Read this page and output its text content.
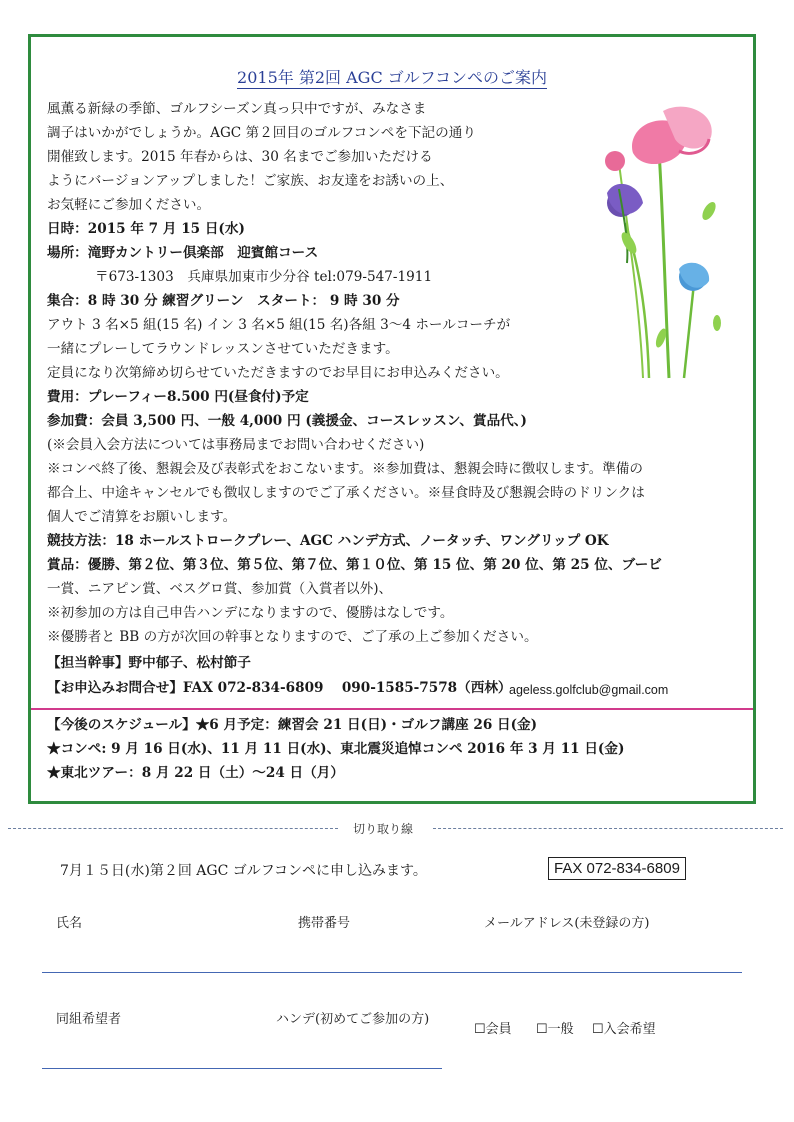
2015年 第2回 AGC ゴルフコンペのご案内
風薫る新緑の季節、ゴルフシーズン真っ只中ですが、みなさま
調子はいかがでしょうか。AGC 第２回目のゴルフコンペを下記の通り
開催致します。2015 年春からは、30 名までご参加いただける
ようにバージョンアップしました！ご家族、お友達をお誘いの上、
お気軽にご参加ください。
日時：2015 年 7 月 15 日(水)
場所：滝野カントリー倶楽部　迎賓館コース
〒673-1303　兵庫県加東市少分谷 tel:079-547-1911
集合：8 時 30 分 練習グリーン　スタート： 9 時 30 分
アウト 3 名×5 組(15 名) イン 3 名×5 組(15 名)各組 3～4 ホールコーチが
一緒にプレーしてラウンドレッスンさせていただきます。
定員になり次第締め切らせていただきますのでお早目にお申込みください。
費用：プレーフィー8.500 円(昼食付)予定
参加費：会員 3,500 円、一般 4,000 円 (義援金、コースレッスン、賞品代、)
(※会員入会方法については事務局までお問い合わせください)
※コンペ終了後、懇親会及び表彰式をおこないます。※参加費は、懇親会時に徴収します。準備の
都合上、中途キャンセルでも徴収しますのでご了承ください。※昼食時及び懇親会時のドリンクは
個人でご清算をお願いします。
競技方法：18 ホールストロークプレー、AGC ハンデ方式、ノータッチ、ワングリップ OK
賞品：優勝、第２位、第３位、第５位、第７位、第１０位、第 15 位、第 20 位、第 25 位、ブービ
一賞、ニアピン賞、ベスグロ賞、参加賞（入賞者以外)、
※初参加の方は自己申告ハンデになりますので、優勝はなしです。
※優勝者と BB の方が次回の幹事となりますので、ご了承の上ご参加ください。
【担当幹事】野中郁子、松村節子
【お申込みお問合せ】FAX 072-834-6809　 090-1585-7578（西林）
ageless.golfclub@gmail.com
【今後のスケジュール】★6 月予定：練習会 21 日(日)・ゴルフ講座 26 日(金)
★コンペ: 9 月 16 日(水)、11 月 11 日(水)、東北震災追悼コンペ 2016 年 3 月 11 日(金)
★東北ツアー：8 月 22 日（土）～24 日（月）
切り取り線
7月１５日(水)第２回 AGC ゴルフコンペに申し込みます。	FAX 072-834-6809
氏名	携帯番号	メールアドレス(未登録の方)
同組希望者	ハンデ(初めてご参加の方)
☐会員 ☐一般 ☐入会希望
